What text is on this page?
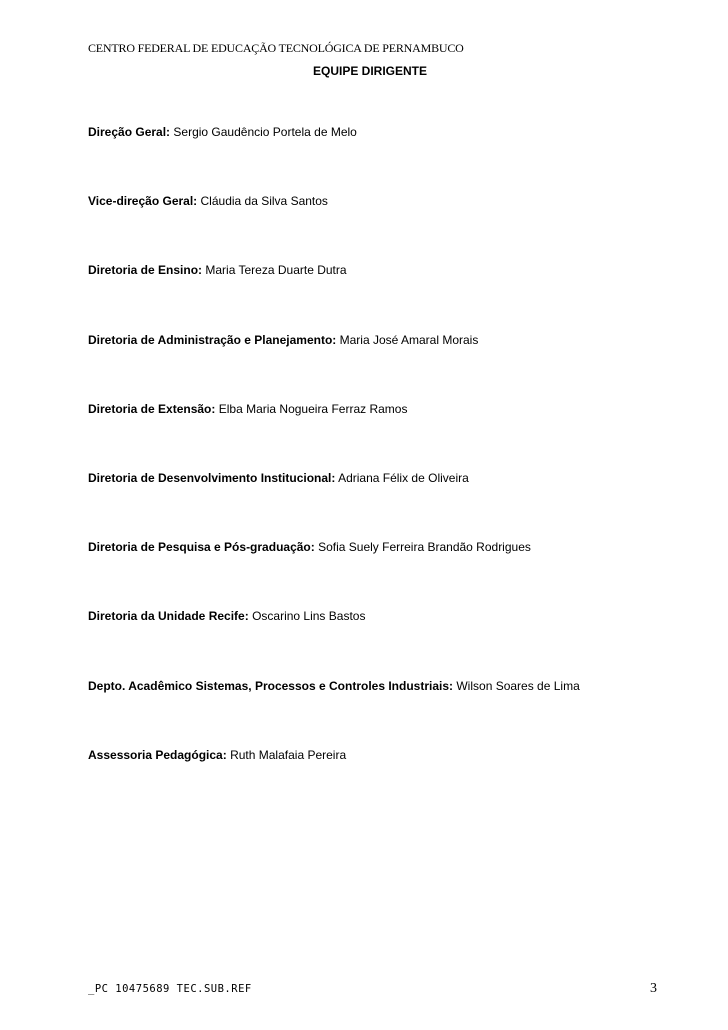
CENTRO FEDERAL DE EDUCAÇÃO TECNOLÓGICA DE PERNAMBUCO
EQUIPE DIRIGENTE
Direção Geral: Sergio Gaudêncio Portela de Melo
Vice-direção Geral: Cláudia da Silva Santos
Diretoria de Ensino: Maria Tereza Duarte Dutra
Diretoria de Administração e Planejamento: Maria José Amaral Morais
Diretoria de Extensão: Elba Maria Nogueira Ferraz Ramos
Diretoria de Desenvolvimento Institucional: Adriana Félix de Oliveira
Diretoria de Pesquisa e Pós-graduação: Sofia Suely Ferreira Brandão Rodrigues
Diretoria da Unidade Recife: Oscarino Lins Bastos
Depto. Acadêmico Sistemas, Processos e Controles Industriais: Wilson Soares de Lima
Assessoria Pedagógica: Ruth Malafaia Pereira
_PC 10475689 TEC.SUB.REF	3
